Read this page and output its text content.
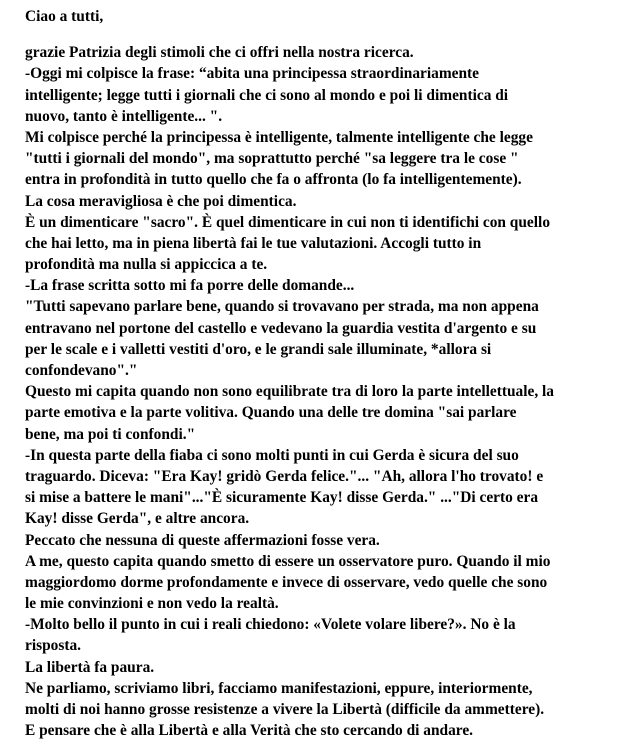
Ciao a tutti,
grazie Patrizia degli stimoli che ci offri nella nostra ricerca.
-Oggi mi colpisce la frase: “abita una principessa straordinariamente
intelligente; legge tutti i giornali che ci sono al mondo e poi li dimentica di
nuovo, tanto è intelligente... ".
Mi colpisce perché la principessa è intelligente, talmente intelligente che legge
"tutti i giornali del mondo", ma soprattutto perché "sa leggere tra le cose "
entra in profondità in tutto quello che fa o affronta (lo fa intelligentemente).
La cosa meravigliosa è che poi dimentica.
È un dimenticare "sacro". È quel dimenticare in cui non ti identifichi con quello
che hai letto, ma in piena libertà fai le tue valutazioni. Accogli tutto in
profondità ma nulla si appiccica a te.
-La frase scritta sotto mi fa porre delle domande...
"Tutti sapevano parlare bene, quando si trovavano per strada, ma non appena
entravano nel portone del castello e vedevano la guardia vestita d'argento e su
per le scale e i valletti vestiti d'oro, e le grandi sale illuminate, *allora si
confondevano"."
Questo mi capita quando non sono equilibrate tra di loro la parte intellettuale, la
parte emotiva e la parte volitiva. Quando una delle tre domina "sai parlare
bene, ma poi ti confondi."
-In questa parte della fiaba ci sono molti punti in cui Gerda è sicura del suo
traguardo. Diceva: "Era Kay! gridò Gerda felice."... "Ah, allora l'ho trovato! e
si mise a battere le mani"..."È sicuramente Kay! disse Gerda." ..."Di certo era
Kay! disse Gerda", e altre ancora.
Peccato che nessuna di queste affermazioni fosse vera.
A me, questo capita quando smetto di essere un osservatore puro. Quando il mio
maggiordomo dorme profondamente e invece di osservare, vedo quelle che sono
le mie convinzioni e non vedo la realtà.
-Molto bello il punto in cui i reali chiedono: «Volete volare libere?». No è la
risposta.
La libertà fa paura.
Ne parliamo, scriviamo libri, facciamo manifestazioni, eppure, interiormente,
molti di noi hanno grosse resistenze a vivere la Libertà (difficile da ammettere).
E pensare che è alla Libertà e alla Verità che sto cercando di andare.
